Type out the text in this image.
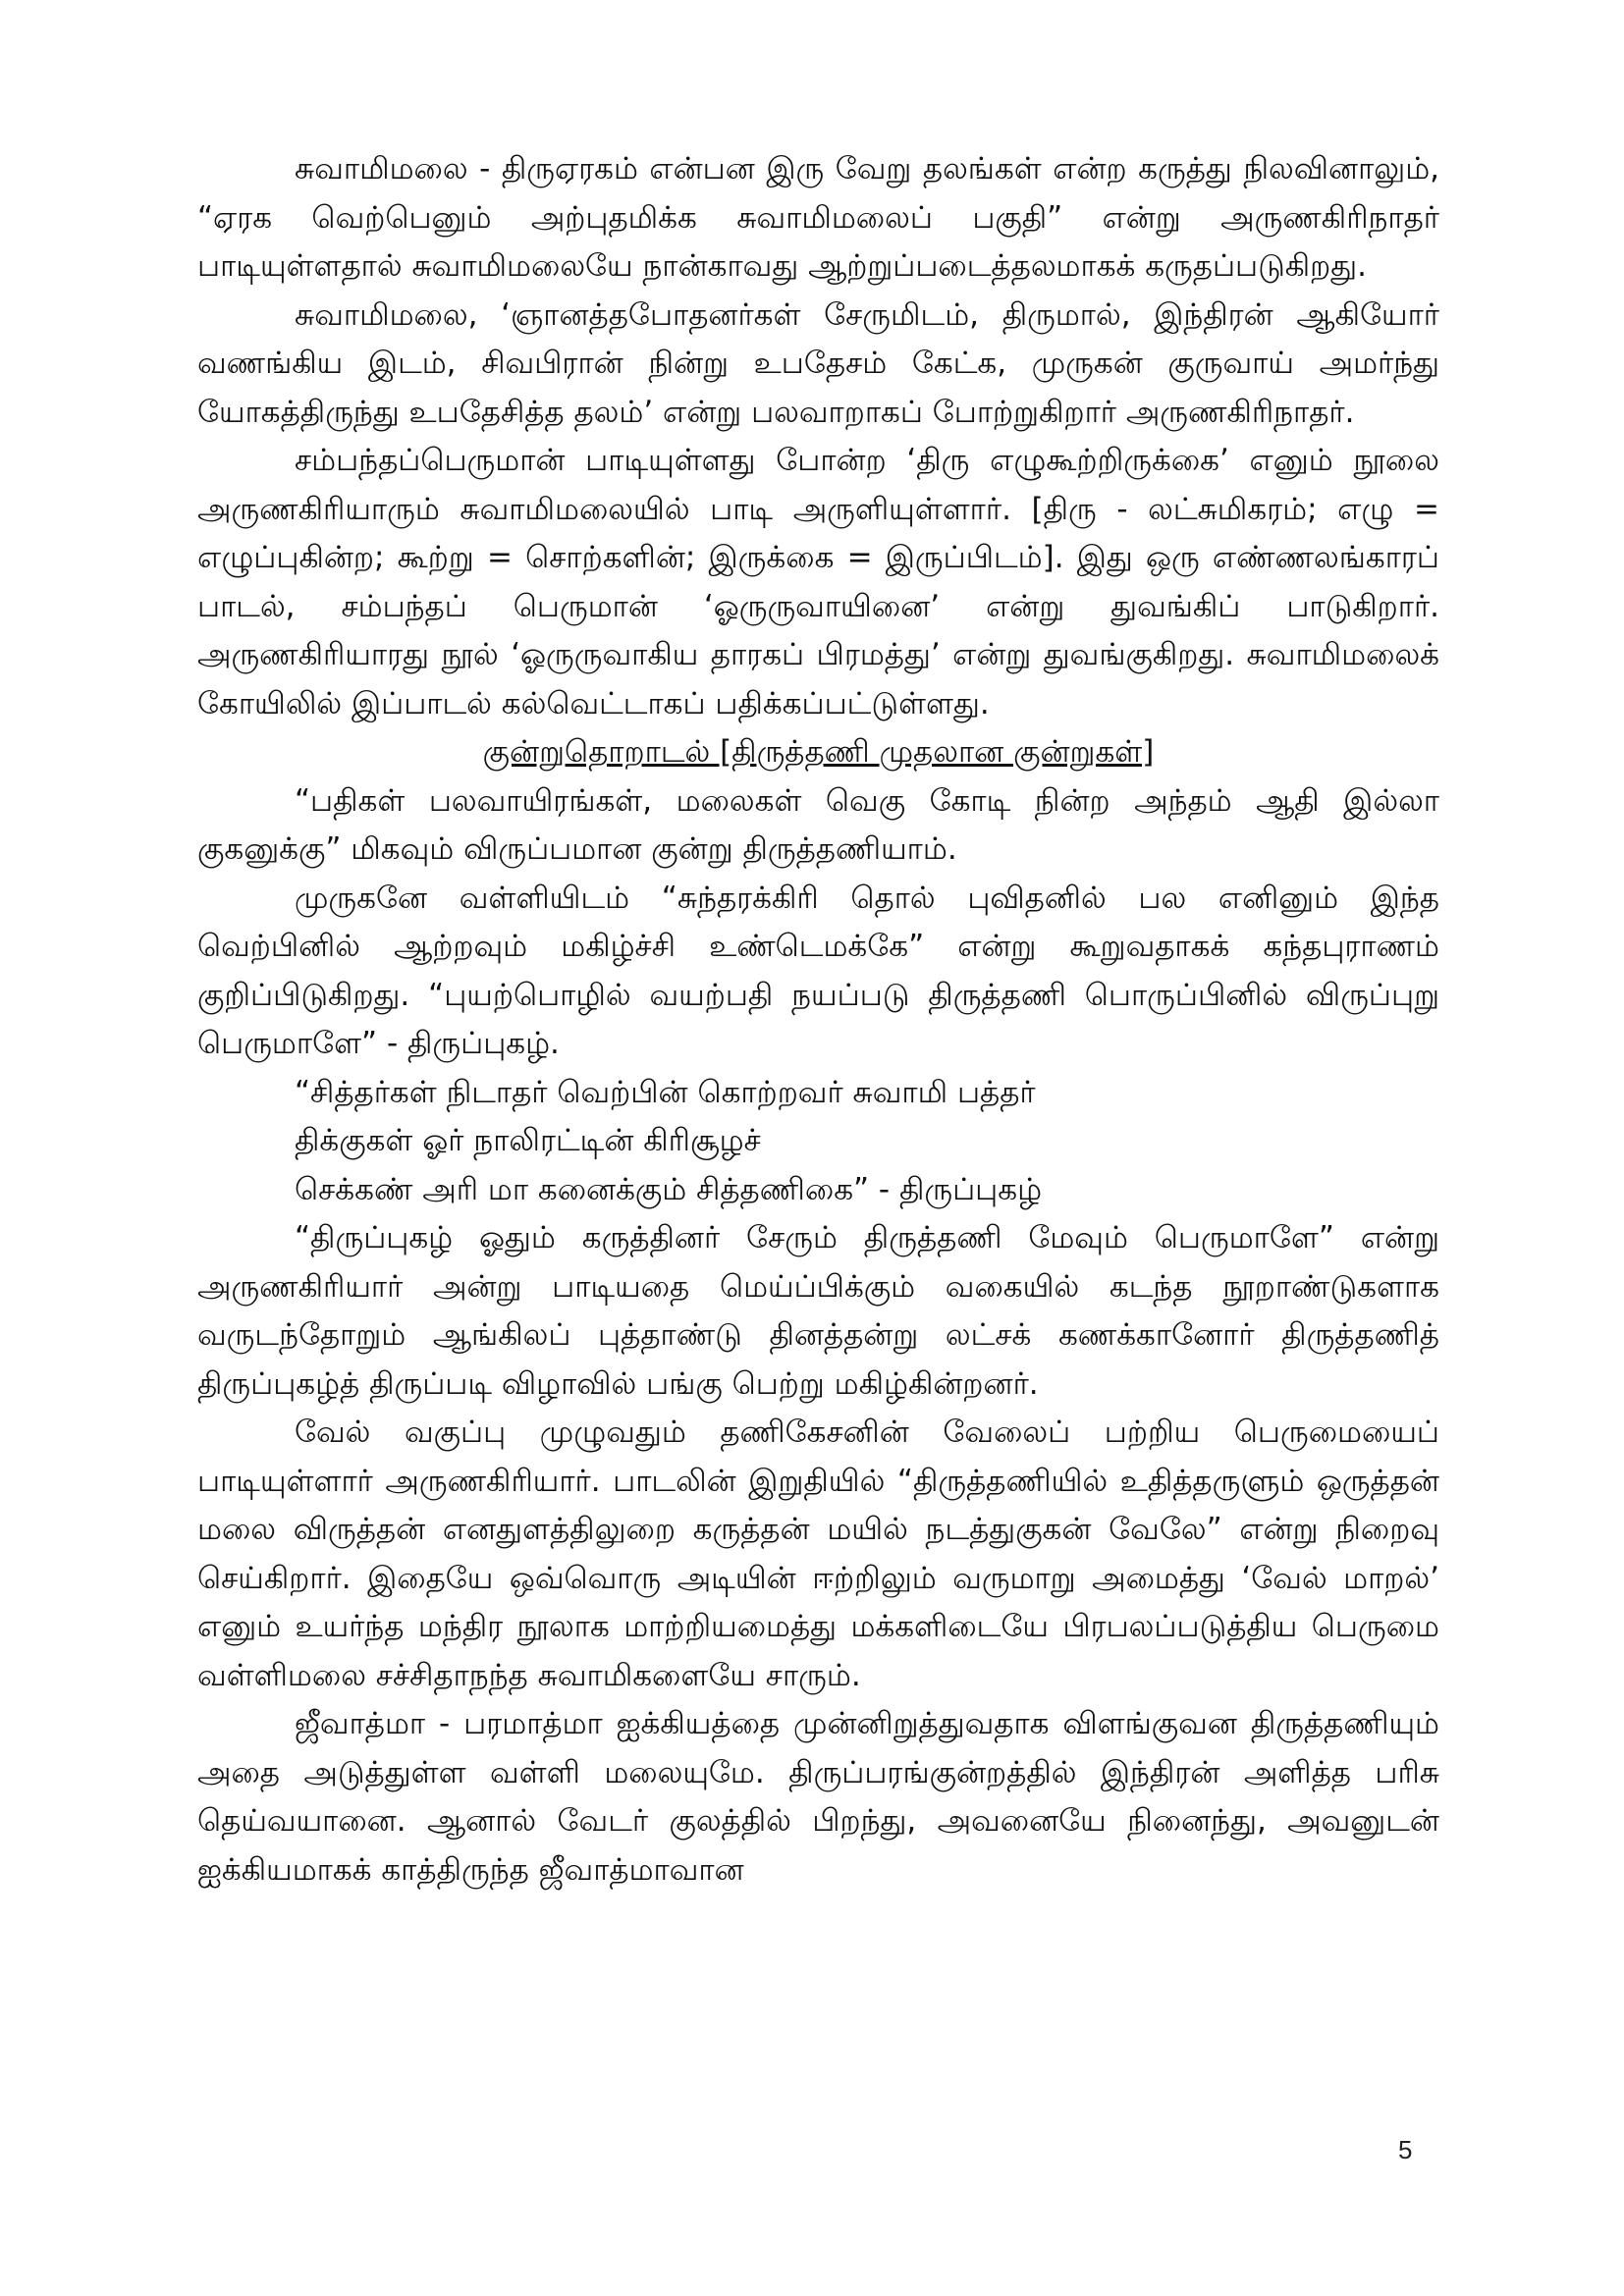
சுவாமிமலை - திருஏரகம் என்பன இரு வேறு தலங்கள் என்ற கருத்து நிலவினாலும், “ஏரக வெற்பெனும் அற்புதமிக்க சுவாமிமலைப் பகுதி” என்று அருணகிரிநாதர் பாடியுள்ளதால் சுவாமிமலையே நான்காவது ஆற்றுப்படைத்தலமாகக் கருதப்படுகிறது.

சுவாமிமலை, ‘ஞானத்தபோதனர்கள் சேருமிடம், திருமால், இந்திரன் ஆகியோர் வணங்கிய இடம், சிவபிரான் நின்று உபதேசம் கேட்க, முருகன் குருவாய் அமர்ந்து யோகத்திருந்து உபதேசித்த தலம்’ என்று பலவாறாகப் போற்றுகிறார் அருணகிரிநாதர்.

சம்பந்தப்பெருமான் பாடியுள்ளது போன்ற ‘திரு எழுகூற்றிருக்கை’ எனும் நூலை அருணகிரியாரும் சுவாமிமலையில் பாடி அருளியுள்ளார். [திரு - லட்சுமிகரம்; எழு = எழுப்புகின்ற; கூற்று = சொற்களின்; இருக்கை = இருப்பிடம்]. இது ஒரு எண்ணலங்காரப் பாடல், சம்பந்தப் பெருமான் ‘ஓருருவாயினை’ என்று துவங்கிப் பாடுகிறார். அருணகிரியாரது நூல் ‘ஓருருவாகிய தாரகப் பிரமத்து’ என்று துவங்குகிறது. சுவாமிமலைக் கோயிலில் இப்பாடல் கல்வெட்டாகப் பதிக்கப்பட்டுள்ளது.

குன்றுதொறாடல் [திருத்தணி முதலான குன்றுகள்]

“பதிகள் பலவாயிரங்கள், மலைகள் வெகு கோடி நின்ற அந்தம் ஆதி இல்லா குகனுக்கு” மிகவும் விருப்பமான குன்று திருத்தணியாம்.

முருகனே வள்ளியிடம் “சுந்தரக்கிரி தொல் புவிதனில் பல எனினும் இந்த வெற்பினில் ஆற்றவும் மகிழ்ச்சி உண்டெமக்கே” என்று கூறுவதாகக் கந்தபுராணம் குறிப்பிடுகிறது. “புயற்பொழில் வயற்பதி நயப்படு திருத்தணி பொருப்பினில் விருப்புறு பெருமாளே” - திருப்புகழ்.

“சித்தர்கள் நிடாதர் வெற்பின் கொற்றவர் சுவாமி பத்தர்
திக்குகள் ஓர் நாலிரட்டின் கிரிசூழச்
செக்கண் அரி மா கனைக்கும் சித்தணிகை” - திருப்புகழ்

“திருப்புகழ் ஓதும் கருத்தினர் சேரும் திருத்தணி மேவும் பெருமாளே” என்று அருணகிரியார் அன்று பாடியதை மெய்ப்பிக்கும் வகையில் கடந்த நூறாண்டுகளாக வருடந்தோறும் ஆங்கிலப் புத்தாண்டு தினத்தன்று லட்சக் கணக்கானோர் திருத்தணித் திருப்புகழ்த் திருப்படி விழாவில் பங்கு பெற்று மகிழ்கின்றனர்.

வேல் வகுப்பு முழுவதும் தணிகேசனின் வேலைப் பற்றிய பெருமையைப் பாடியுள்ளார் அருணகிரியார். பாடலின் இறுதியில் “திருத்தணியில் உதித்தருளும் ஒருத்தன் மலை விருத்தன் எனதுளத்திலுறை கருத்தன் மயில் நடத்துகுகன் வேலே” என்று நிறைவு செய்கிறார். இதையே ஒவ்வொரு அடியின் ஈற்றிலும் வருமாறு அமைத்து ‘வேல் மாறல்’ எனும் உயர்ந்த மந்திர நூலாக மாற்றியமைத்து மக்களிடையே பிரபலப்படுத்திய பெருமை வள்ளிமலை சச்சிதாநந்த சுவாமிகளையே சாரும்.

ஜீவாத்மா - பரமாத்மா ஐக்கியத்தை முன்னிறுத்துவதாக விளங்குவன திருத்தணியும் அதை அடுத்துள்ள வள்ளி மலையுமே. திருப்பரங்குன்றத்தில் இந்திரன் அளித்த பரிசு தெய்வயானை. ஆனால் வேடர் குலத்தில் பிறந்து, அவனையே நினைந்து, அவனுடன் ஐக்கியமாகக் காத்திருந்த ஜீவாத்மாவான

5
